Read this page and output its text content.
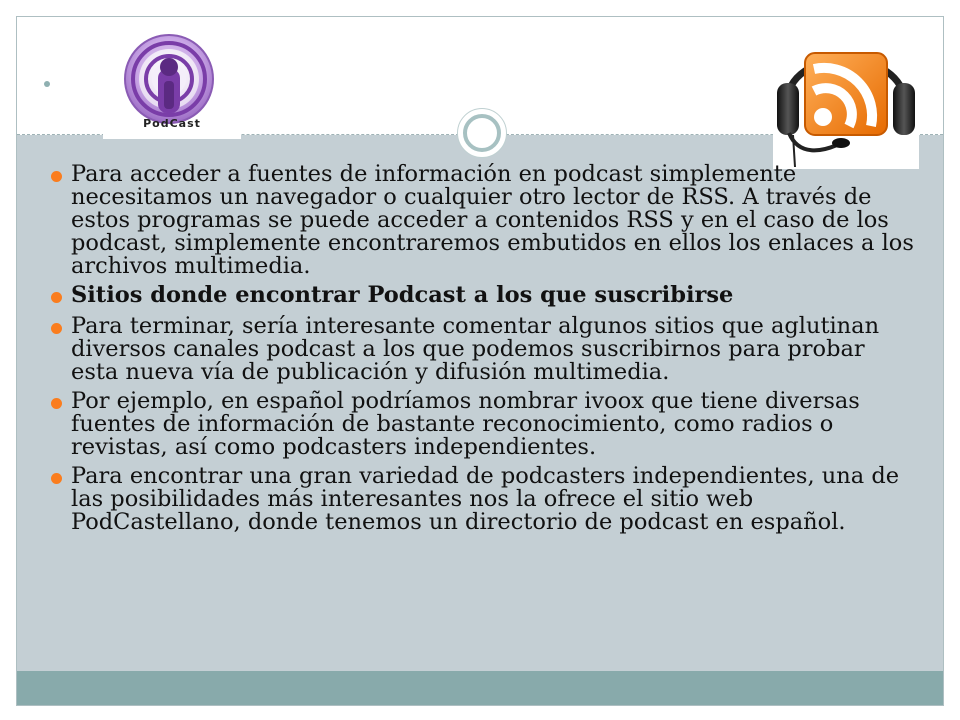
PodCast
Para acceder a fuentes de información en podcast simplemente necesitamos un navegador o cualquier otro lector de RSS. A través de estos programas se puede acceder a contenidos RSS y en el caso de los podcast, simplemente encontraremos embutidos en ellos los enlaces a los archivos multimedia.
Sitios donde encontrar Podcast a los que suscribirse
Para terminar, sería interesante comentar algunos sitios que aglutinan diversos canales podcast a los que podemos suscribirnos para probar esta nueva vía de publicación y difusión multimedia.
Por ejemplo, en español podríamos nombrar ivoox que tiene diversas fuentes de información de bastante reconocimiento, como radios o revistas, así como podcasters independientes.
Para encontrar una gran variedad de podcasters independientes, una de las posibilidades más interesantes nos la ofrece el sitio web PodCastellano, donde tenemos un directorio de podcast en español.
